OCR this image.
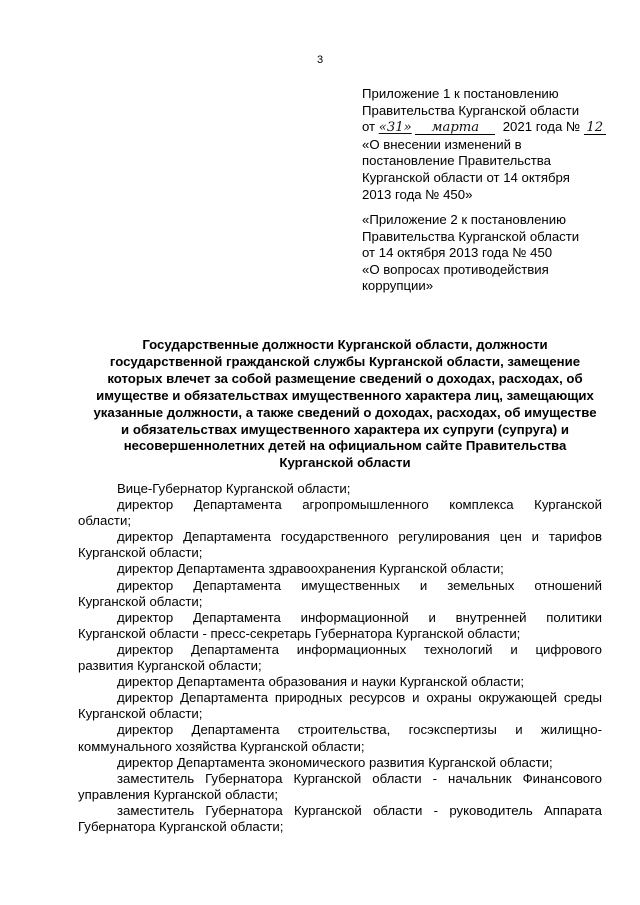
3
Приложение 1 к постановлению
Правительства Курганской области
от «31» марта 2021 года № 12
«О внесении изменений в
постановление Правительства
Курганской области от 14 октября
2013 года № 450»
«Приложение 2 к постановлению
Правительства Курганской области
от 14 октября 2013 года № 450
«О вопросах противодействия
коррупции»
Государственные должности Курганской области, должности
государственной гражданской службы Курганской области, замещение
которых влечет за собой размещение сведений о доходах, расходах, об
имуществе и обязательствах имущественного характера лиц, замещающих
указанные должности, а также сведений о доходах, расходах, об имуществе
и обязательствах имущественного характера их супруги (супруга) и
несовершеннолетних детей на официальном сайте Правительства
Курганской области
Вице-Губернатор Курганской области;
директор Департамента агропромышленного комплекса Курганской
области;
директор Департамента государственного регулирования цен и тарифов
Курганской области;
директор Департамента здравоохранения Курганской области;
директор Департамента имущественных и земельных отношений
Курганской области;
директор Департамента информационной и внутренней политики
Курганской области - пресс-секретарь Губернатора Курганской области;
директор Департамента информационных технологий и цифрового
развития Курганской области;
директор Департамента образования и науки Курганской области;
директор Департамента природных ресурсов и охраны окружающей среды
Курганской области;
директор Департамента строительства, госэкспертизы и жилищно-
коммунального хозяйства Курганской области;
директор Департамента экономического развития Курганской области;
заместитель Губернатора Курганской области - начальник Финансового
управления Курганской области;
заместитель Губернатора Курганской области - руководитель Аппарата
Губернатора Курганской области;
